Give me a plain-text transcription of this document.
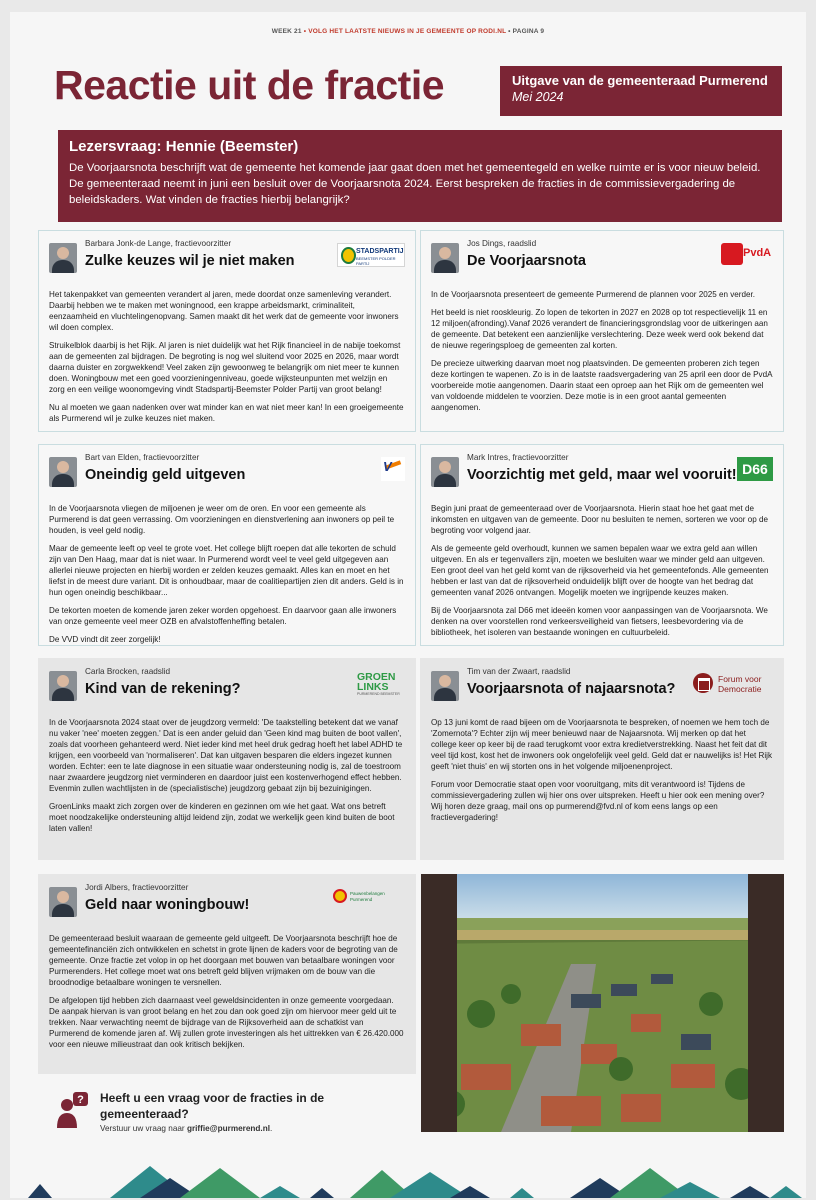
WEEK 21 • VOLG HET LAATSTE NIEUWS IN JE GEMEENTE OP RODI.NL • PAGINA 9
Reactie uit de fractie	Uitgave van de gemeenteraad Purmerend
Mei 2024
Lezersvraag: Hennie (Beemster)

De Voorjaarsnota beschrijft wat de gemeente het komende jaar gaat doen met het gemeentegeld en welke ruimte er is voor nieuw beleid. De gemeenteraad neemt in juni een besluit over de Voorjaarsnota 2024. Eerst bespreken de fracties in de commissievergadering de beleidskaders. Wat vinden de fracties hierbij belangrijk?

Barbara Jonk-de Lange, fractievoorzitter
Zulke keuzes wil je niet maken
STADSPARTIJ
BEEMSTER POLDER PARTIJ

Het takenpakket van gemeenten verandert al jaren, mede doordat onze samenleving verandert. Daarbij hebben we te maken met woningnood, een krappe arbeidsmarkt, criminaliteit, eenzaamheid en vluchtelingenopvang. Samen maakt dit het werk dat de gemeente voor inwoners wil doen complex.

Struikelblok daarbij is het Rijk. Al jaren is niet duidelijk wat het Rijk financieel in de nabije toekomst aan de gemeenten zal bijdragen. De begroting is nog wel sluitend voor 2025 en 2026, maar wordt daarna duister en zorgwekkend! Veel zaken zijn gewoonweg te belangrijk om niet meer te kunnen doen. Woningbouw met een goed voorzieningenniveau, goede wijksteunpunten met welzijn en zorg en een veilige woonomgeving vindt Stadspartij-Beemster Polder Partij van groot belang!

Nu al moeten we gaan nadenken over wat minder kan en wat niet meer kan! In een groeigemeente als Purmerend wil je zulke keuzes niet maken.

Jos Dings, raadslid
De Voorjaarsnota	PvdA

In de Voorjaarsnota presenteert de gemeente Purmerend de plannen voor 2025 en verder.

Het beeld is niet rooskleurig. Zo lopen de tekorten in 2027 en 2028 op tot respectievelijk 11 en 12 miljoen(afronding).Vanaf 2026 verandert de financieringsgrondslag voor de uitkeringen aan de gemeente. Dat betekent een aanzienlijke verslechtering. Deze week werd ook bekend dat de nieuwe regeringsploeg de gemeenten zal korten.

De precieze uitwerking daarvan moet nog plaatsvinden. De gemeenten proberen zich tegen deze kortingen te wapenen. Zo is in de laatste raadsvergadering van 25 april een door de PvdA voorbereide motie aangenomen. Daarin staat een oproep aan het Rijk om de gemeenten wel van voldoende middelen te voorzien. Deze motie is in een groot aantal gemeenten aangenomen.

Bart van Elden, fractievoorzitter
Oneindig geld uitgeven
V

In de Voorjaarsnota vliegen de miljoenen je weer om de oren. En voor een gemeente als Purmerend is dat geen verrassing. Om voorzieningen en dienstverlening aan inwoners op peil te houden, is veel geld nodig.

Maar de gemeente leeft op veel te grote voet. Het college blijft roepen dat alle tekorten de schuld zijn van Den Haag, maar dat is niet waar. In Purmerend wordt veel te veel geld uitgegeven aan allerlei nieuwe projecten en hierbij worden er zelden keuzes gemaakt. Alles kan en moet en het liefst in de meest dure variant. Dit is onhoudbaar, maar de coalitiepartijen zien dit anders. Geld is in hun ogen oneindig beschikbaar...

De tekorten moeten de komende jaren zeker worden opgehoest. En daarvoor gaan alle inwoners van onze gemeente veel meer OZB en afvalstoffenheffing betalen.

De VVD vindt dit zeer zorgelijk!

Mark Intres, fractievoorzitter
Voorzichtig met geld, maar wel vooruit! D66

Begin juni praat de gemeenteraad over de Voorjaarsnota. Hierin staat hoe het gaat met de inkomsten en uitgaven van de gemeente. Door nu besluiten te nemen, sorteren we voor op de begroting voor volgend jaar.

Als de gemeente geld overhoudt, kunnen we samen bepalen waar we extra geld aan willen uitgeven. En als er tegenvallers zijn, moeten we besluiten waar we minder geld aan uitgeven. Een groot deel van het geld komt van de rijksoverheid via het gemeentefonds. Alle gemeenten hebben er last van dat de rijksoverheid onduidelijk blijft over de hoogte van het bedrag dat gemeenten vanaf 2026 ontvangen. Mogelijk moeten we ingrijpende keuzes maken.

Bij de Voorjaarsnota zal D66 met ideeën komen voor aanpassingen van de Voorjaarsnota. We denken na over voorstellen rond verkeersveiligheid van fietsers, leesbevordering via de bibliotheek, het isoleren van bestaande woningen en cultuurbeleid.

Carla Brocken, raadslid
Kind van de rekening?
GROEN
LINKS
PURMEREND BEEMSTER

In de Voorjaarsnota 2024 staat over de jeugdzorg vermeld: 'De taakstelling betekent dat we vanaf nu vaker 'nee' moeten zeggen.' Dat is een ander geluid dan 'Geen kind mag buiten de boot vallen', zoals dat voorheen gehanteerd werd. Niet ieder kind met heel druk gedrag hoeft het label ADHD te krijgen, een voorbeeld van 'normaliseren'. Dat kan uitgaven besparen die elders ingezet kunnen worden. Echter: een te late diagnose in een situatie waar ondersteuning nodig is, zal de toestroom naar zwaardere jeugdzorg niet verminderen en daardoor juist een kostenverhogend effect hebben. Evenmin zullen wachtlijsten in de (specialistische) jeugdzorg gebaat zijn bij bezuinigingen.

GroenLinks maakt zich zorgen over de kinderen en gezinnen om wie het gaat. Wat ons betreft moet noodzakelijke ondersteuning altijd leidend zijn, zodat we werkelijk geen kind buiten de boot laten vallen!

Tim van der Zwaart, raadslid
Voorjaarsnota of najaarsnota?
Forum voor
Democratie

Op 13 juni komt de raad bijeen om de Voorjaarsnota te bespreken, of noemen we hem toch de 'Zomernota'? Echter zijn wij meer benieuwd naar de Najaarsnota. Wij merken op dat het college keer op keer bij de raad terugkomt voor extra kredietverstrekking. Naast het feit dat dit veel tijd kost, kost het de inwoners ook ongelofelijk veel geld. Geld dat er nauwelijks is! Het Rijk geeft 'niet thuis' en wij storten ons in het volgende miljoenenproject.

Forum voor Democratie staat open voor vooruitgang, mits dit verantwoord is! Tijdens de commissievergadering zullen wij hier ons over uitspreken. Heeft u hier ook een mening over? Wij horen deze graag, mail ons op purmerend@fvd.nl of kom eens langs op een fractievergadering!

Jordi Albers, fractievoorzitter
Geld naar woningbouw!
Pauwenbelangen
Purmerend

De gemeenteraad besluit waaraan de gemeente geld uitgeeft. De Voorjaarsnota beschrijft hoe de gemeentefinanciën zich ontwikkelen en schetst in grote lijnen de kaders voor de begroting van de gemeente. Onze fractie zet volop in op het doorgaan met bouwen van betaalbare woningen voor Purmerenders. Het college moet wat ons betreft geld blijven vrijmaken om de bouw van die broodnodige betaalbare woningen te versnellen.

De afgelopen tijd hebben zich daarnaast veel geweldsincidenten in onze gemeente voorgedaan. De aanpak hiervan is van groot belang en het zou dan ook goed zijn om hiervoor meer geld uit te trekken. Naar verwachting neemt de bijdrage van de Rijksoverheid aan de schatkist van Purmerend de komende jaren af. Wij zullen grote investeringen als het uittrekken van € 26.420.000 voor een nieuwe milieustraat dan ook kritisch bekijken.

? Heeft u een vraag voor de fracties in de gemeenteraad?
Verstuur uw vraag naar griffie@purmerend.nl.
